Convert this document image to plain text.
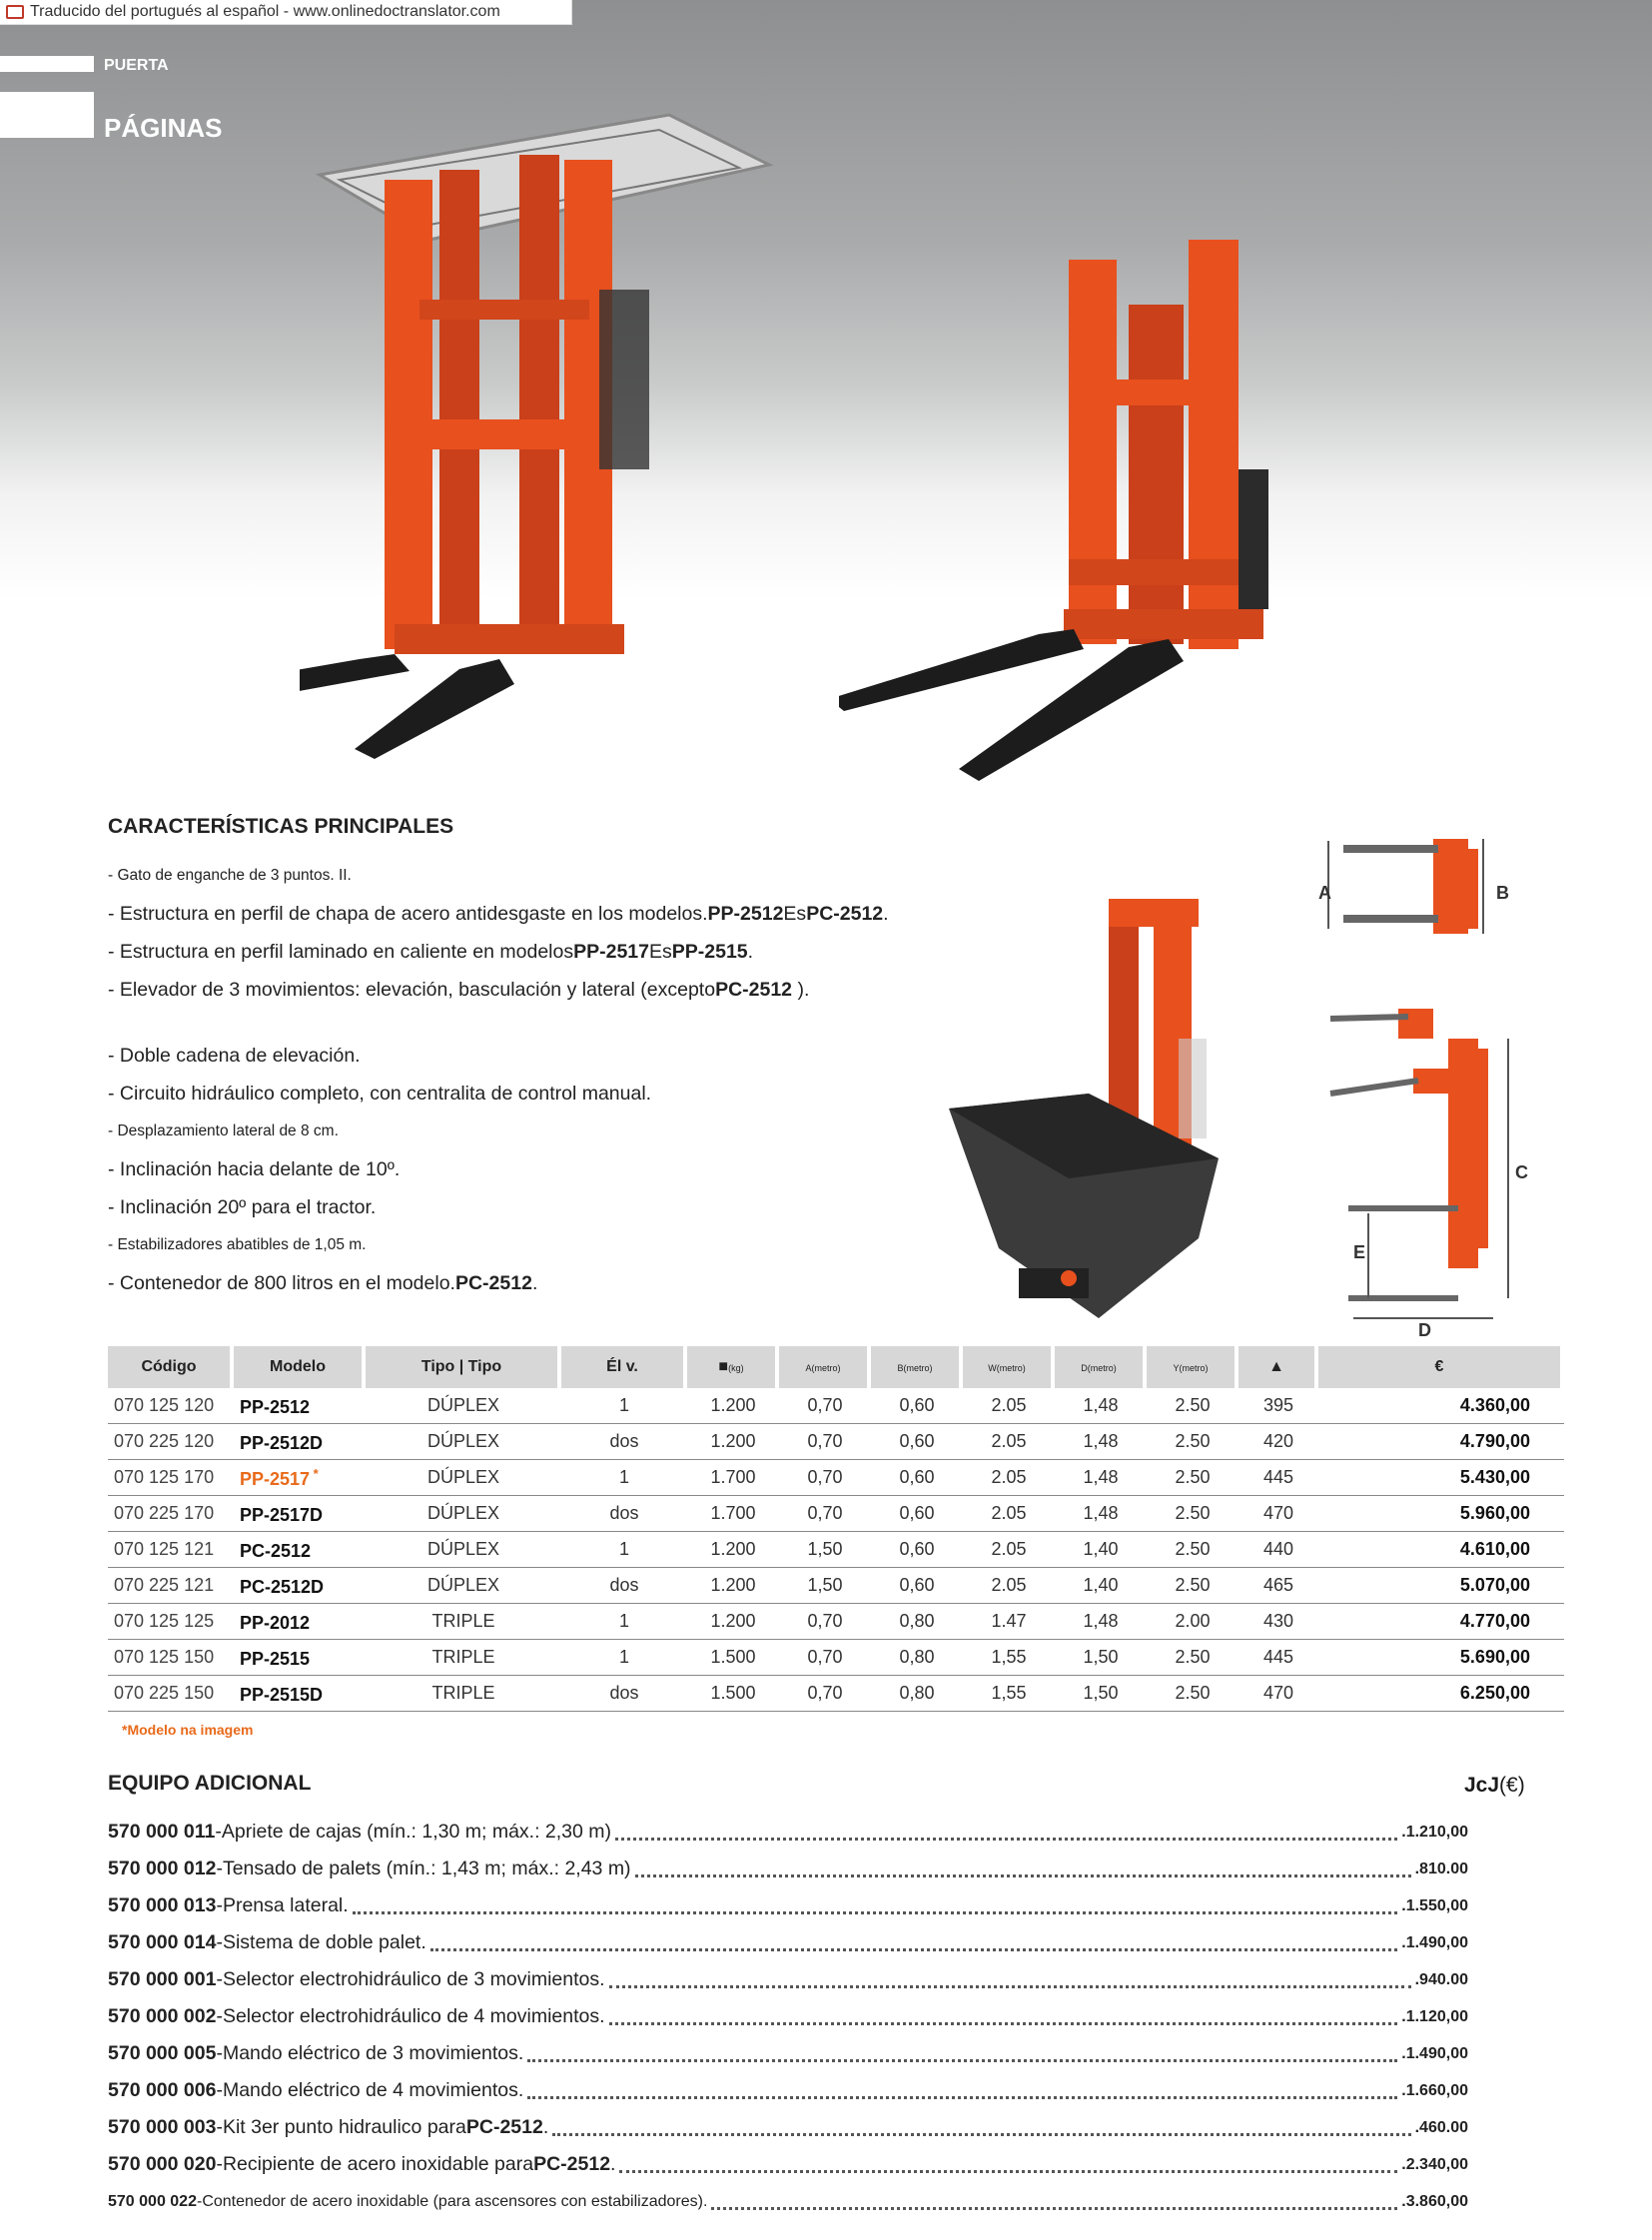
PUERTA
PÁGINAS
Traducido del portugués al español - www.onlinedoctranslator.com
CARACTERÍSTICAS PRINCIPALES
- Gato de enganche de 3 puntos. II.
- Estructura en perfil de chapa de acero antidesgaste en los modelos.PP-2512EsPC-2512.
- Estructura en perfil laminado en caliente en modelosPP-2517EsPP-2515.
- Elevador de 3 movimientos: elevación, basculación y lateral (exceptoPC-2512 ).
- Doble cadena de elevación.
- Circuito hidráulico completo, con centralita de control manual.
- Desplazamiento lateral de 8 cm.
- Inclinación hacia delante de 10º.
- Inclinación 20º para el tractor.
- Estabilizadores abatibles de 1,05 m.
- Contenedor de 800 litros en el modelo.PC-2512.
A	B
C
E
D
Código	Modelo	Tipo | Tipo	Él v.	■(kg)	A(metro)	B(metro)	W(metro)	D(metro)	Y(metro)	▲	€
070 125 120	PP-2512	DÚPLEX	1	1.200	0,70	0,60	2.05	1,48	2.50	395	4.360,00
070 225 120	PP-2512D	DÚPLEX	dos	1.200	0,70	0,60	2.05	1,48	2.50	420	4.790,00
070 125 170	PP-2517 *	DÚPLEX	1	1.700	0,70	0,60	2.05	1,48	2.50	445	5.430,00
070 225 170	PP-2517D	DÚPLEX	dos	1.700	0,70	0,60	2.05	1,48	2.50	470	5.960,00
070 125 121	PC-2512	DÚPLEX	1	1.200	1,50	0,60	2.05	1,40	2.50	440	4.610,00
070 225 121	PC-2512D	DÚPLEX	dos	1.200	1,50	0,60	2.05	1,40	2.50	465	5.070,00
070 125 125	PP-2012	TRIPLE	1	1.200	0,70	0,80	1.47	1,48	2.00	430	4.770,00
070 125 150	PP-2515	TRIPLE	1	1.500	0,70	0,80	1,55	1,50	2.50	445	5.690,00
070 225 150	PP-2515D	TRIPLE	dos	1.500	0,70	0,80	1,55	1,50	2.50	470	6.250,00
*Modelo na imagem
EQUIPO ADICIONAL	JcJ(€)
570 000 011 -Apriete de cajas (mín.: 1,30 m; máx.: 2,30 m)	.1.210,00
570 000 012 -Tensado de palets (mín.: 1,43 m; máx.: 2,43 m)	.810.00
570 000 013 -Prensa lateral.	.1.550,00
570 000 014 -Sistema de doble palet.	.1.490,00
570 000 001 -Selector electrohidráulico de 3 movimientos.	.940.00
570 000 002 -Selector electrohidráulico de 4 movimientos.	.1.120,00
570 000 005 -Mando eléctrico de 3 movimientos.	.1.490,00
570 000 006 -Mando eléctrico de 4 movimientos.	.1.660,00
570 000 003 -Kit 3er punto hidraulico paraPC-2512.	.460.00
570 000 020 -Recipiente de acero inoxidable paraPC-2512.	.2.340,00
570 000 022 -Contenedor de acero inoxidable (para ascensores con estabilizadores).	.3.860,00
